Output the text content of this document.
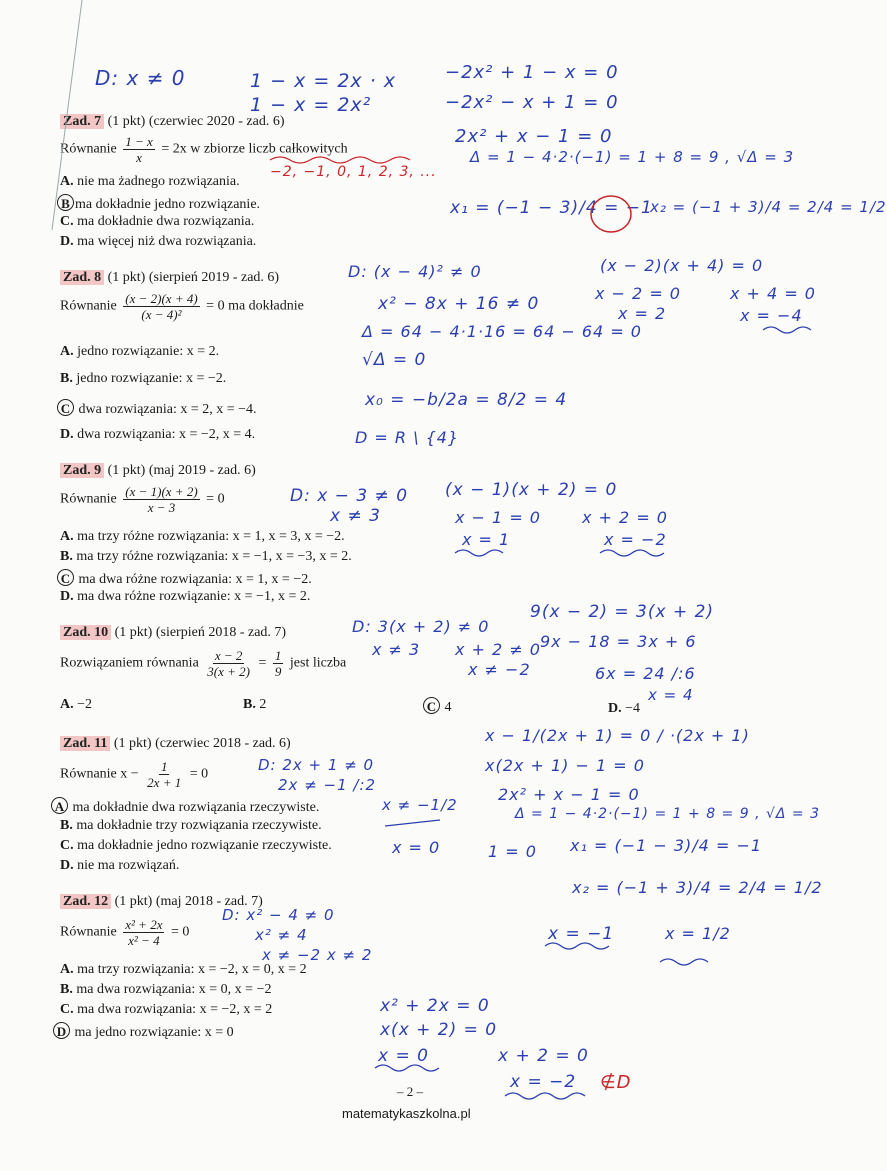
Zad. 7 (1 pkt) (czerwiec 2020 - zad. 6)
Równanie $\frac{1 - x}{x} = 2x$ w zbiorze liczb całkowitych
A. nie ma żadnego rozwiązania.
B ma dokładnie jedno rozwiązanie.
C. ma dokładnie dwa rozwiązania.
D. ma więcej niż dwa rozwiązania.
Zad. 8 (1 pkt) (sierpień 2019 - zad. 6)
Równanie $\frac{(x - 2)(x + 4)}{\text{(x − 4)²}} = 0$ ma dokładnie
A. jedno rozwiązanie: x = 2.
B. jedno rozwiązanie: x = −2.
C dwa rozwiązania: x = 2, x = −4.
D. dwa rozwiązania: x = −2, x = 4.
Zad. 9 (1 pkt) (maj 2019 - zad. 6)
Równanie $\frac{(x - 1)(x + 2)}{x - 3} = 0$
A. ma trzy różne rozwiązania: x = 1, x = 3, x = −2.
B. ma trzy różne rozwiązania: x = −1, x = −3, x = 2.
C ma dwa różne rozwiązania: x = 1, x = −2.
D. ma dwa różne rozwiązanie: x = −1, x = 2.
Zad. 10 (1 pkt) (sierpień 2018 - zad. 7)
Rozwiązaniem równania $\frac{x - 2}{3(x + 2)} = \frac{1}{9}$ jest liczba
A. −2	B. 2	C 4	D. −4
Zad. 11 (1 pkt) (czerwiec 2018 - zad. 6)
Równanie $x - \frac{1}{2x + 1} = 0$
A ma dokładnie dwa rozwiązania rzeczywiste.
B. ma dokładnie trzy rozwiązania rzeczywiste.
C. ma dokładnie jedno rozwiązanie rzeczywiste.
D. nie ma rozwiązań.
Zad. 12 (1 pkt) (maj 2018 - zad. 7)
Równanie $\frac{\text{x² + 2x}}{\text{x² − 4}} = 0$
A. ma trzy rozwiązania: x = −2, x = 0, x = 2
B. ma dwa rozwiązania: x = 0, x = −2
C. ma dwa rozwiązania: x = −2, x = 2
D ma jedno rozwiązanie: x = 0
D: x ≠ 0	1 − x = 2x · x
1 − x = 2x²
−2x² + 1 − x = 0
−2x² − x + 1 = 0
2x² + x − 1 = 0
Δ = 1 − 4·2·(−1) = 1 + 8 = 9 , √Δ = 3
x₁ = (−1 − 3)/4 = −1
x₂ = (−1 + 3)/4 = 2/4 = 1/2
−2, −1, 0, 1, 2, 3, ...
D: (x − 4)² ≠ 0
x² − 8x + 16 ≠ 0
Δ = 64 − 4·1·16 = 64 − 64 = 0
√Δ = 0
x₀ = −b/2a = 8/2 = 4
D = R \ {4}
(x − 2)(x + 4) = 0
x − 2 = 0
x = 2
x + 4 = 0
x = −4
D: x − 3 ≠ 0
x ≠ 3
(x − 1)(x + 2) = 0
x − 1 = 0
x = 1
x + 2 = 0
x = −2
D: 3(x + 2) ≠ 0
x ≠ 3 x + 2 ≠ 0
x ≠ −2
9(x − 2) = 3(x + 2)
9x − 18 = 3x + 6
6x = 24 /:6
x = 4
x − 1/(2x + 1) = 0 / ·(2x + 1)
x(2x + 1) − 1 = 0
2x² + x − 1 = 0
Δ = 1 − 4·2·(−1) = 1 + 8 = 9 , √Δ = 3
D: 2x + 1 ≠ 0
2x ≠ −1 /:2
x ≠ −1/2
x = 0	1 = 0 x₁ = (−1 − 3)/4 = −1
x₂ = (−1 + 3)/4 = 2/4 = 1/2
x = −1	x = 1/2
D: x² − 4 ≠ 0
x² ≠ 4
x ≠ −2 x ≠ 2
x² + 2x = 0
x(x + 2) = 0
x = 0	x + 2 = 0
x = −2 ∉D
– 2 –
matematykaszkolna.pl
